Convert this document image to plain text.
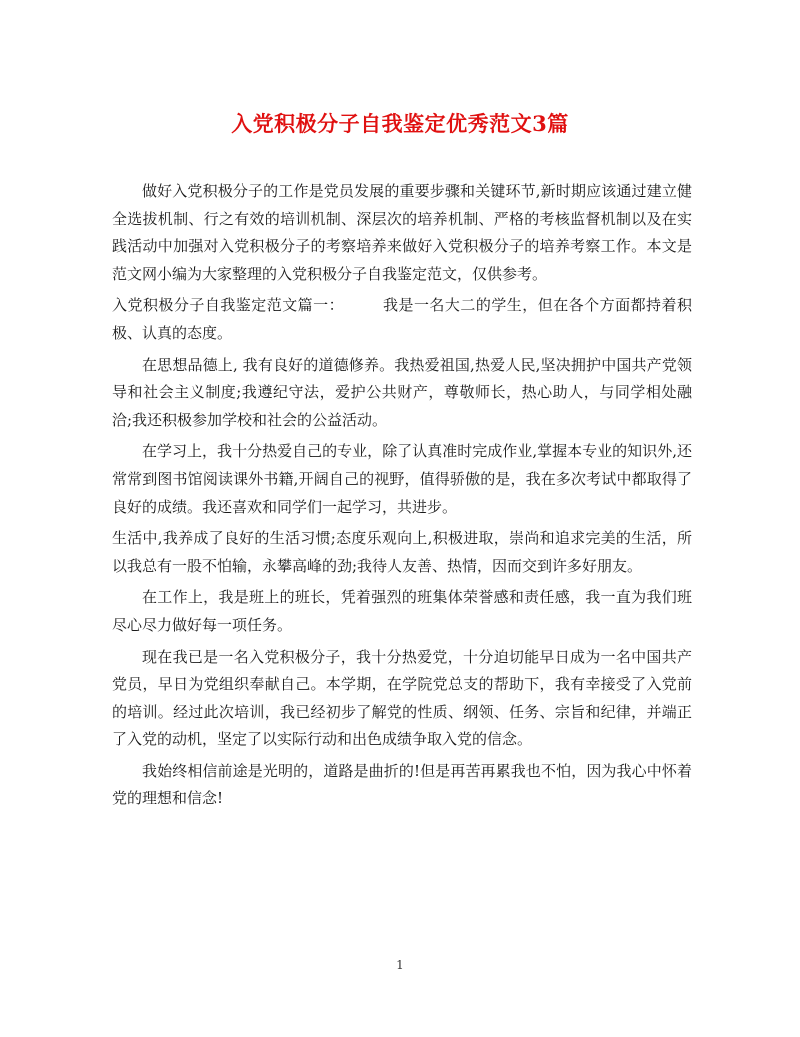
入党积极分子自我鉴定优秀范文3篇

做好入党积极分子的工作是党员发展的重要步骤和关键环节,新时期应该通过建立健全选拔机制、行之有效的培训机制、深层次的培养机制、严格的考核监督机制以及在实践活动中加强对入党积极分子的考察培养来做好入党积极分子的培养考察工作。本文是范文网小编为大家整理的入党积极分子自我鉴定范文，仅供参考。

入党积极分子自我鉴定范文篇一：　　　我是一名大二的学生，但在各个方面都持着积极、认真的态度。

在思想品德上, 我有良好的道德修养。我热爱祖国,热爱人民,坚决拥护中国共产党领导和社会主义制度;我遵纪守法，爱护公共财产，尊敬师长，热心助人，与同学相处融洽;我还积极参加学校和社会的公益活动。

在学习上，我十分热爱自己的专业，除了认真准时完成作业,掌握本专业的知识外,还常常到图书馆阅读课外书籍,开阔自己的视野，值得骄傲的是，我在多次考试中都取得了良好的成绩。我还喜欢和同学们一起学习，共进步。

生活中,我养成了良好的生活习惯;态度乐观向上,积极进取，崇尚和追求完美的生活，所以我总有一股不怕输，永攀高峰的劲;我待人友善、热情，因而交到许多好朋友。

在工作上，我是班上的班长，凭着强烈的班集体荣誉感和责任感，我一直为我们班尽心尽力做好每一项任务。

现在我已是一名入党积极分子，我十分热爱党，十分迫切能早日成为一名中国共产党员，早日为党组织奉献自己。本学期，在学院党总支的帮助下，我有幸接受了入党前的培训。经过此次培训，我已经初步了解党的性质、纲领、任务、宗旨和纪律，并端正了入党的动机，坚定了以实际行动和出色成绩争取入党的信念。

我始终相信前途是光明的，道路是曲折的!但是再苦再累我也不怕，因为我心中怀着党的理想和信念!

1
